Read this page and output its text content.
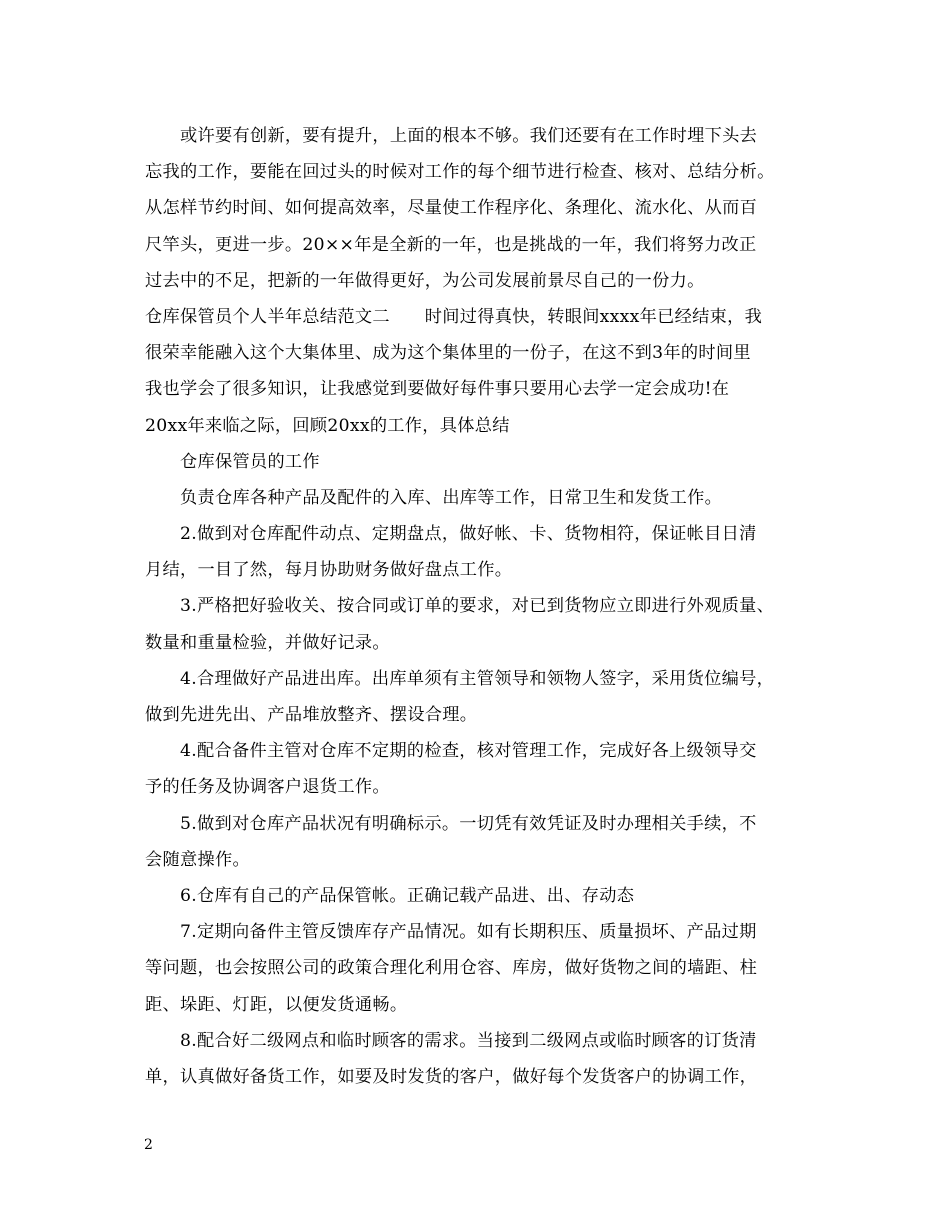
或许要有创新，要有提升，上面的根本不够。我们还要有在工作时埋下头去
忘我的工作，要能在回过头的时候对工作的每个细节进行检查、核对、总结分析。
从怎样节约时间、如何提高效率，尽量使工作程序化、条理化、流水化、从而百
尺竿头，更进一步。20××年是全新的一年，也是挑战的一年，我们将努力改正
过去中的不足，把新的一年做得更好，为公司发展前景尽自己的一份力。
仓库保管员个人半年总结范文二　　时间过得真快，转眼间xxxx年已经结束，我
很荣幸能融入这个大集体里、成为这个集体里的一份子，在这不到3年的时间里
我也学会了很多知识，让我感觉到要做好每件事只要用心去学一定会成功!在
20xx年来临之际，回顾20xx的工作，具体总结
仓库保管员的工作
负责仓库各种产品及配件的入库、出库等工作，日常卫生和发货工作。
2.做到对仓库配件动点、定期盘点，做好帐、卡、货物相符，保证帐目日清
月结，一目了然，每月协助财务做好盘点工作。
3.严格把好验收关、按合同或订单的要求，对已到货物应立即进行外观质量、
数量和重量检验，并做好记录。
4.合理做好产品进出库。出库单须有主管领导和领物人签字，采用货位编号，
做到先进先出、产品堆放整齐、摆设合理。
4.配合备件主管对仓库不定期的检查，核对管理工作，完成好各上级领导交
予的任务及协调客户退货工作。
5.做到对仓库产品状况有明确标示。一切凭有效凭证及时办理相关手续，不
会随意操作。
6.仓库有自己的产品保管帐。正确记载产品进、出、存动态
7.定期向备件主管反馈库存产品情况。如有长期积压、质量损坏、产品过期
等问题，也会按照公司的政策合理化利用仓容、库房，做好货物之间的墙距、柱
距、垛距、灯距，以便发货通畅。
8.配合好二级网点和临时顾客的需求。当接到二级网点或临时顾客的订货清
单，认真做好备货工作，如要及时发货的客户，做好每个发货客户的协调工作，
2
